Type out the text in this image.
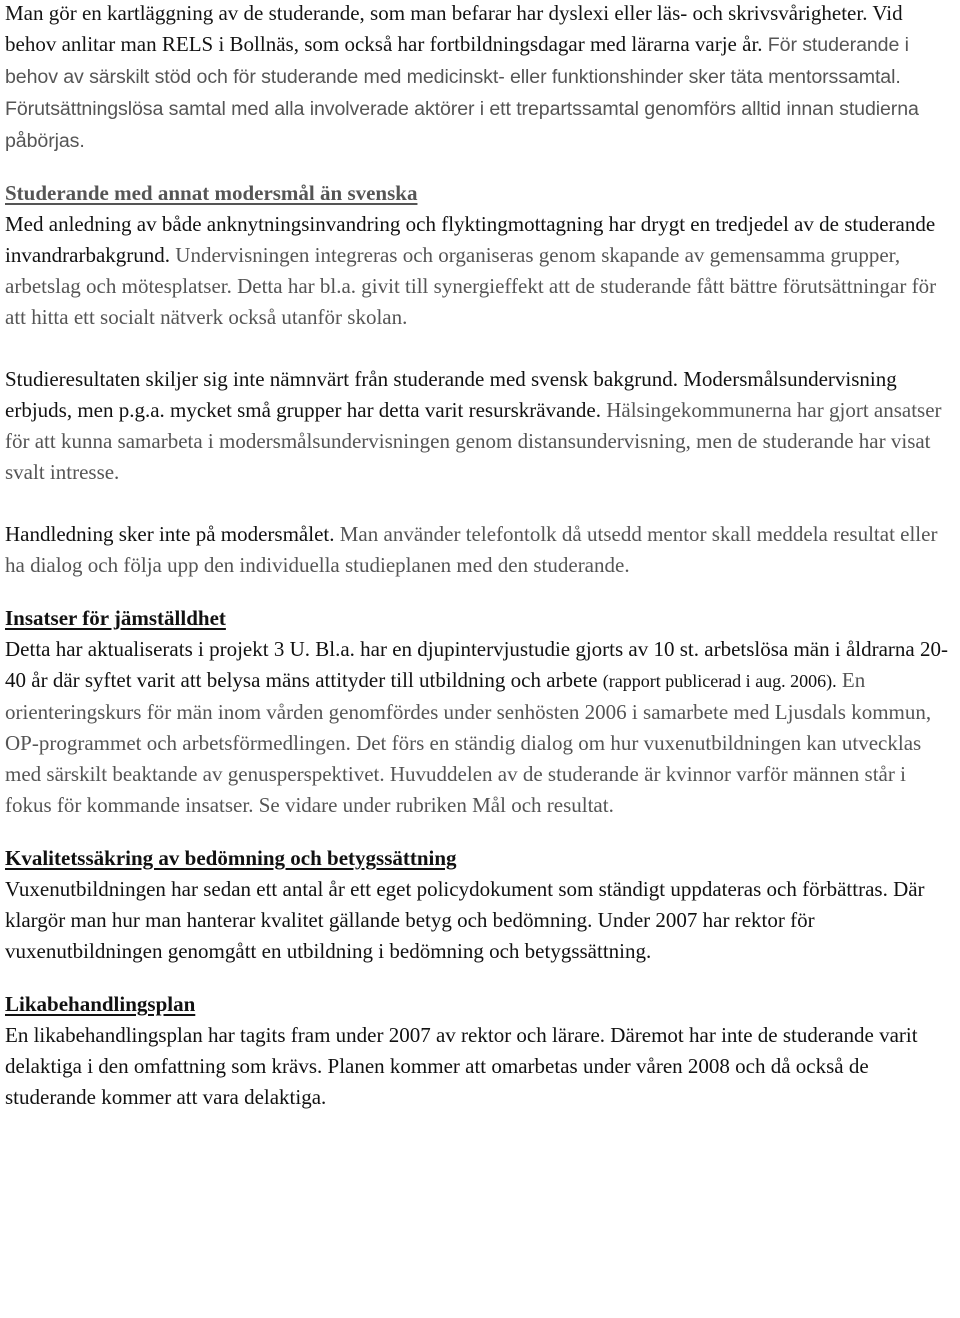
Man gör en kartläggning av de studerande, som man befarar har dyslexi eller läs- och skrivsvårigheter. Vid behov anlitar man RELS i Bollnäs, som också har fortbildningsdagar med lärarna varje år. För studerande i behov av särskilt stöd och för studerande med medicinskt- eller funktionshinder sker täta mentorssamtal. Förutsättningslösa samtal med alla involverade aktörer i ett trepartssamtal genomförs alltid innan studierna påbörjas.

Studerande med annat modersmål än svenska

Med anledning av både anknytningsinvandring och flyktingmottagning har drygt en tredjedel av de studerande invandrarbakgrund. Undervisningen integreras och organiseras genom skapande av gemensamma grupper, arbetslag och mötesplatser. Detta har bl.a. givit till synergieffekt att de studerande fått bättre förutsättningar för att hitta ett socialt nätverk också utanför skolan.

Studieresultaten skiljer sig inte nämnvärt från studerande med svensk bakgrund. Modersmålsundervisning erbjuds, men p.g.a. mycket små grupper har detta varit resurskrävande. Hälsingekommunerna har gjort ansatser för att kunna samarbeta i modersmålsundervisningen genom distansundervisning, men de studerande har visat svalt intresse.

Handledning sker inte på modersmålet. Man använder telefontolk då utsedd mentor skall meddela resultat eller ha dialog och följa upp den individuella studieplanen med den studerande.

Insatser för jämställdhet

Detta har aktualiserats i projekt 3 U. Bl.a. har en djupintervjustudie gjorts av 10 st. arbetslösa män i åldrarna 20-40 år där syftet varit att belysa mäns attityder till utbildning och arbete (rapport publicerad i aug. 2006). En orienteringskurs för män inom vården genomfördes under senhösten 2006 i samarbete med Ljusdals kommun, OP-programmet och arbetsförmedlingen. Det förs en ständig dialog om hur vuxenutbildningen kan utvecklas med särskilt beaktande av genusperspektivet. Huvuddelen av de studerande är kvinnor varför männen står i fokus för kommande insatser. Se vidare under rubriken Mål och resultat.

Kvalitetssäkring av bedömning och betygssättning

Vuxenutbildningen har sedan ett antal år ett eget policydokument som ständigt uppdateras och förbättras. Där klargör man hur man hanterar kvalitet gällande betyg och bedömning. Under 2007 har rektor för vuxenutbildningen genomgått en utbildning i bedömning och betygssättning.

Likabehandlingsplan

En likabehandlingsplan har tagits fram under 2007 av rektor och lärare. Däremot har inte de studerande varit delaktiga i den omfattning som krävs. Planen kommer att omarbetas under våren 2008 och då också de studerande kommer att vara delaktiga.
